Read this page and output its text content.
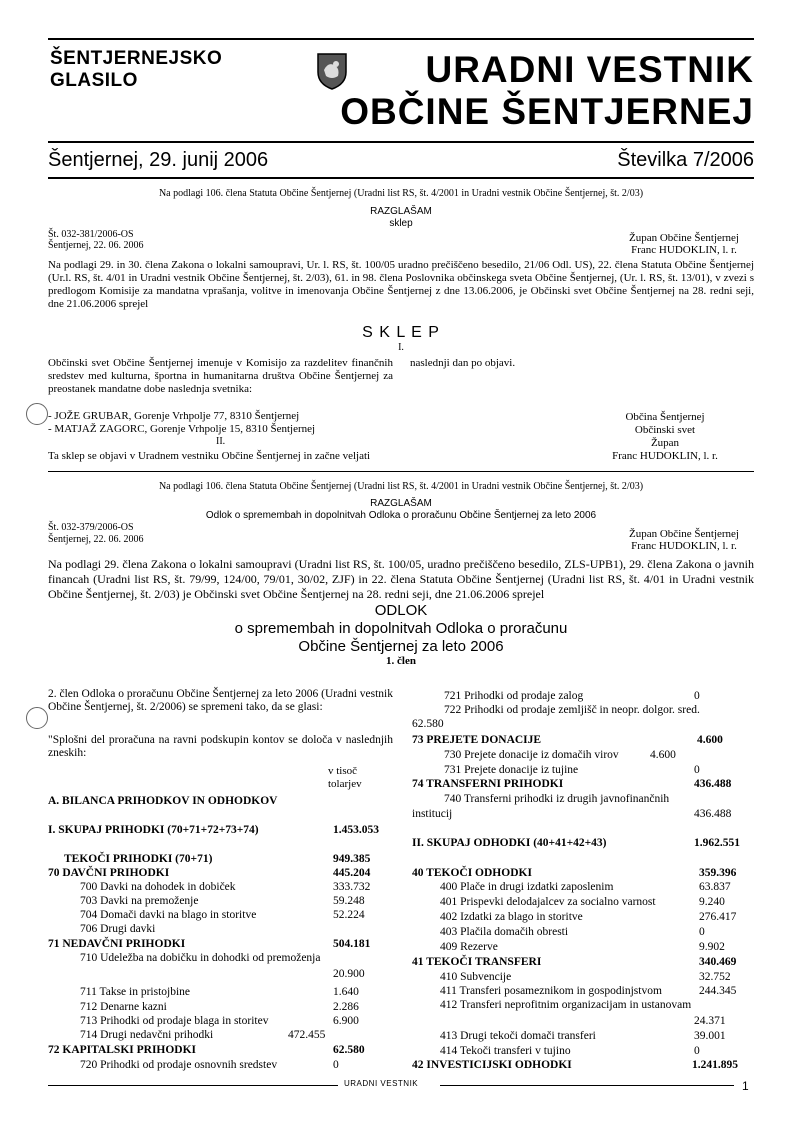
ŠENTJERNEJSKO
GLASILO	URADNI VESTNIK
OBČINE ŠENTJERNEJ
Šentjernej, 29. junij 2006	Številka 7/2006
Na podlagi 106. člena Statuta Občine Šentjernej (Uradni list RS, št. 4/2001 in Uradni vestnik Občine Šentjernej, št. 2/03)
RAZGLAŠAM
sklep
Št. 032-381/2006-OS
Šentjernej, 22. 06. 2006
Župan Občine Šentjernej
Franc HUDOKLIN, l. r.
Na podlagi 29. in 30. člena Zakona o lokalni samoupravi, Ur. l. RS, št. 100/05 uradno prečiščeno besedilo, 21/06 Odl. US), 22. člena Statuta Občine Šentjernej (Ur.l. RS, št. 4/01 in Uradni vestnik Občine Šentjernej, št. 2/03), 61. in 98. člena Poslovnika občinskega sveta Občine Šentjernej, (Ur. l. RS, št. 13/01), v zvezi s predlogom Komisije za mandatna vprašanja, volitve in imenovanja Občine Šentjernej z dne 13.06.2006, je Občinski svet Občine Šentjernej na 28. redni seji, dne 21.06.2006 sprejel
S K L E P
I.
Občinski svet Občine Šentjernej imenuje v Komisijo za razdelitev finančnih sredstev med kulturna, športna in humanitarna društva Občine Šentjernej za preostanek mandatne dobe naslednja svetnika:
naslednji dan po objavi.
- JOŽE GRUBAR, Gorenje Vrhpolje 77, 8310 Šentjernej
- MATJAŽ ZAGORC, Gorenje Vrhpolje 15, 8310 Šentjernej
II.
Ta sklep se objavi v Uradnem vestniku Občine Šentjernej in začne veljati
Občina Šentjernej
Občinski svet
Župan
Franc HUDOKLIN, l. r.
Na podlagi 106. člena Statuta Občine Šentjernej (Uradni list RS, št. 4/2001 in Uradni vestnik Občine Šentjernej, št. 2/03)
RAZGLAŠAM
Odlok o spremembah in dopolnitvah Odloka o proračunu Občine Šentjernej za leto 2006
Št. 032-379/2006-OS
Šentjernej, 22. 06. 2006	Župan Občine Šentjernej
Franc HUDOKLIN, l. r.
Na podlagi 29. člena Zakona o lokalni samoupravi (Uradni list RS, št. 100/05, uradno prečiščeno besedilo, ZLS-UPB1), 29. člena Zakona o javnih financah (Uradni list RS, št. 79/99, 124/00, 79/01, 30/02, ZJF) in 22. člena Statuta Občine Šentjernej (Uradni list RS, št. 4/01 in Uradni vestnik Občine Šentjernej, št. 2/03) je Občinski svet Občine Šentjernej na 28. redni seji, dne 21.06.2006 sprejel
ODLOK
o spremembah in dopolnitvah Odloka o proračunu
Občine Šentjernej za leto 2006
1. člen
2. člen Odloka o proračunu Občine Šentjernej za leto 2006 (Uradni vestnik Občine Šentjernej, št. 2/2006) se spremeni tako, da se glasi:
"Splošni del proračuna na ravni podskupin kontov se določa v naslednjih zneskih:
v tisoč
tolarjev
A. BILANCA PRIHODKOV IN ODHODKOV
I. SKUPAJ PRIHODKI (70+71+72+73+74)	1.453.053
TEKOČI PRIHODKI (70+71)	949.385
70 DAVČNI PRIHODKI	445.204
700 Davki na dohodek in dobiček	333.732
703 Davki na premoženje	59.248
704 Domači davki na blago in storitve	52.224
706 Drugi davki
71 NEDAVČNI PRIHODKI	504.181
710 Udeležba na dobičku in dohodki od premoženja
20.900
711 Takse in pristojbine	1.640
712 Denarne kazni	2.286
713 Prihodki od prodaje blaga in storitev	6.900
714 Drugi nedavčni prihodki	472.455
72 KAPITALSKI PRIHODKI	62.580
720 Prihodki od prodaje osnovnih sredstev	0
721 Prihodki od prodaje zalog	0
722 Prihodki od prodaje zemljišč in neopr. dolgor. sred.
62.580
73 PREJETE DONACIJE	4.600
730 Prejete donacije iz domačih virov	4.600
731 Prejete donacije iz tujine	0
74 TRANSFERNI PRIHODKI	436.488
740 Transferni prihodki iz drugih javnofinančnih
institucij	436.488
II. SKUPAJ ODHODKI (40+41+42+43)	1.962.551
40 TEKOČI ODHODKI	359.396
400 Plače in drugi izdatki zaposlenim	63.837
401 Prispevki delodajalcev za socialno varnost	9.240
402 Izdatki za blago in storitve	276.417
403 Plačila domačih obresti	0
409 Rezerve	9.902
41 TEKOČI TRANSFERI	340.469
410 Subvencije	32.752
411 Transferi posameznikom in gospodinjstvom	244.345
412 Transferi neprofitnim organizacijam in ustanovam
24.371
413 Drugi tekoči domači transferi	39.001
414 Tekoči transferi v tujino	0
42 INVESTICIJSKI ODHODKI	1.241.895
URADNI VESTNIK	1
